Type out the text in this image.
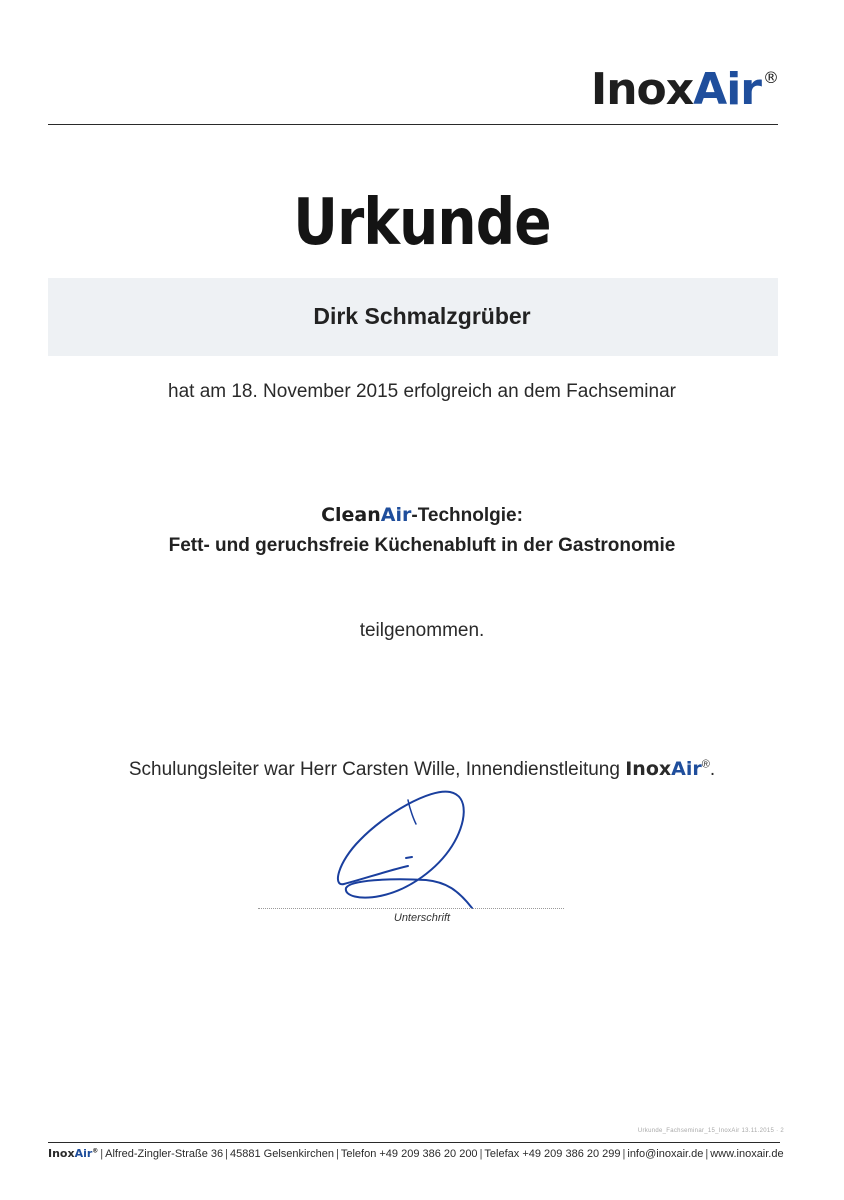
InoxAir ®
Urkunde
Dirk Schmalzgrüber
hat am 18. November 2015 erfolgreich an dem Fachseminar
CleanAir-Technolgie:
Fett- und geruchsfreie Küchenabluft in der Gastronomie
teilgenommen.
Schulungsleiter war Herr Carsten Wille, Innendienstleitung InoxAir®.
Unterschrift
Urkunde_Fachseminar_15_InoxAir 13.11.2015 · 2
InoxAir® | Alfred-Zingler-Straße 36 | 45881 Gelsenkirchen | Telefon +49 209 386 20 200 | Telefax +49 209 386 20 299 | info@inoxair.de | www.inoxair.de
